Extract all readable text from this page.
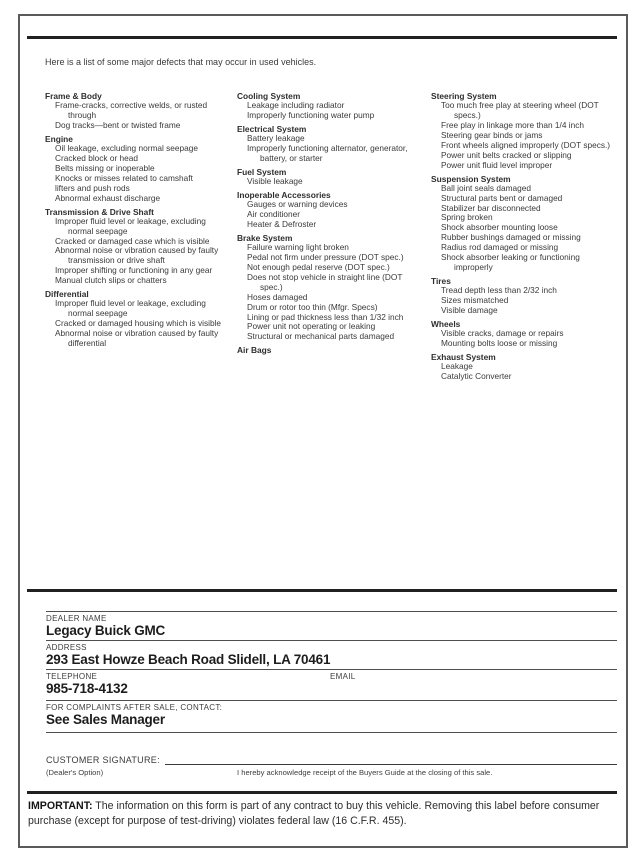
Here is a list of some major defects that may occur in used vehicles.
Frame & Body
Frame-cracks, corrective welds, or rusted through
Dog tracks—bent or twisted frame
Engine
Oil leakage, excluding normal seepage
Cracked block or head
Belts missing or inoperable
Knocks or misses related to camshaft
lifters and push rods
Abnormal exhaust discharge
Transmission & Drive Shaft
Improper fluid level or leakage, excluding normal seepage
Cracked or damaged case which is visible
Abnormal noise or vibration caused by faulty transmission or drive shaft
Improper shifting or functioning in any gear
Manual clutch slips or chatters
Differential
Improper fluid level or leakage, excluding normal seepage
Cracked or damaged housing which is visible
Abnormal noise or vibration caused by faulty differential
Cooling System
Leakage including radiator
Improperly functioning water pump
Electrical System
Battery leakage
Improperly functioning alternator, generator, battery, or starter
Fuel System
Visible leakage
Inoperable Accessories
Gauges or warning devices
Air conditioner
Heater & Defroster
Brake System
Failure warning light broken
Pedal not firm under pressure (DOT spec.)
Not enough pedal reserve (DOT spec.)
Does not stop vehicle in straight line (DOT spec.)
Hoses damaged
Drum or rotor too thin (Mfgr. Specs)
Lining or pad thickness less than 1/32 inch
Power unit not operating or leaking
Structural or mechanical parts damaged
Air Bags
Steering System
Too much free play at steering wheel (DOT specs.)
Free play in linkage more than 1/4 inch
Steering gear binds or jams
Front wheels aligned improperly (DOT specs.)
Power unit belts cracked or slipping
Power unit fluid level improper
Suspension System
Ball joint seals damaged
Structural parts bent or damaged
Stabilizer bar disconnected
Spring broken
Shock absorber mounting loose
Rubber bushings damaged or missing
Radius rod damaged or missing
Shock absorber leaking or functioning improperly
Tires
Tread depth less than 2/32 inch
Sizes mismatched
Visible damage
Wheels
Visible cracks, damage or repairs
Mounting bolts loose or missing
Exhaust System
Leakage
Catalytic Converter
DEALER NAME
Legacy Buick GMC
ADDRESS
293 East Howze Beach Road Slidell, LA 70461
TELEPHONE
985-718-4132
EMAIL
FOR COMPLAINTS AFTER SALE, CONTACT:
See Sales Manager
CUSTOMER SIGNATURE:
(Dealer's Option)	I hereby acknowledge receipt of the Buyers Guide at the closing of this sale.
IMPORTANT: The information on this form is part of any contract to buy this vehicle. Removing this label before consumer purchase (except for purpose of test-driving) violates federal law (16 C.F.R. 455).
